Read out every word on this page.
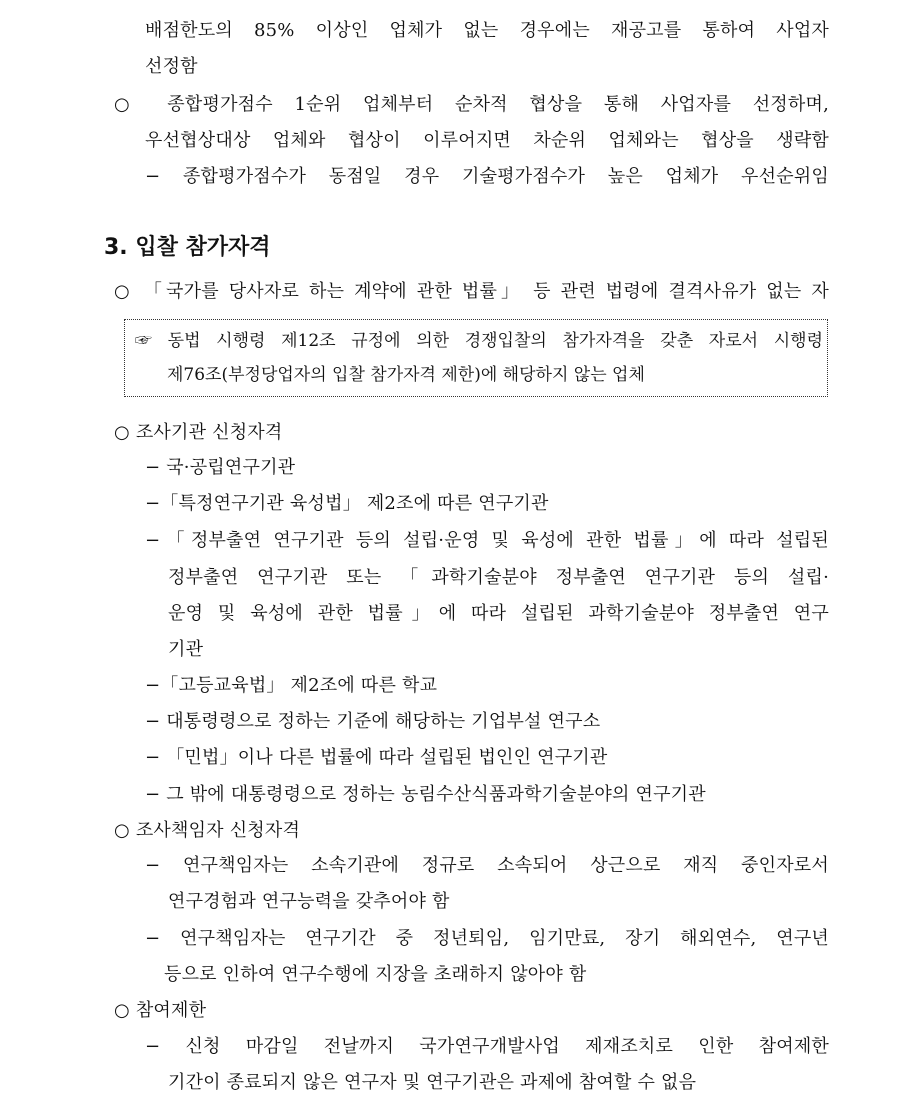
배점한도의 85% 이상인 업체가 없는 경우에는 재공고를 통하여 사업자
선정함
○ 종합평가점수 1순위 업체부터 순차적 협상을 통해 사업자를 선정하며,
우선협상대상 업체와 협상이 이루어지면 차순위 업체와는 협상을 생략함
− 종합평가점수가 동점일 경우 기술평가점수가 높은 업체가 우선순위임
3. 입찰 참가자격
○ 「국가를 당사자로 하는 계약에 관한 법률」 등 관련 법령에 결격사유가 없는 자
☞ 동법 시행령 제12조 규정에 의한 경쟁입찰의 참가자격을 갖춘 자로서 시행령
제76조(부정당업자의 입찰 참가자격 제한)에 해당하지 않는 업체
○ 조사기관 신청자격
− 국·공립연구기관
−「특정연구기관 육성법」 제2조에 따른 연구기관
−「정부출연 연구기관 등의 설립·운영 및 육성에 관한 법률」에 따라 설립된
정부출연 연구기관 또는 「과학기술분야 정부출연 연구기관 등의 설립·
운영 및 육성에 관한 법률」에 따라 설립된 과학기술분야 정부출연 연구
기관
−「고등교육법」 제2조에 따른 학교
− 대통령령으로 정하는 기준에 해당하는 기업부설 연구소
− 「민법」이나 다른 법률에 따라 설립된 법인인 연구기관
− 그 밖에 대통령령으로 정하는 농림수산식품과학기술분야의 연구기관
○ 조사책임자 신청자격
− 연구책임자는 소속기관에 정규로 소속되어 상근으로 재직 중인자로서
연구경험과 연구능력을 갖추어야 함
− 연구책임자는 연구기간 중 정년퇴임, 임기만료, 장기 해외연수, 연구년
등으로 인하여 연구수행에 지장을 초래하지 않아야 함
○ 참여제한
− 신청 마감일 전날까지 국가연구개발사업 제재조치로 인한 참여제한
기간이 종료되지 않은 연구자 및 연구기관은 과제에 참여할 수 없음
